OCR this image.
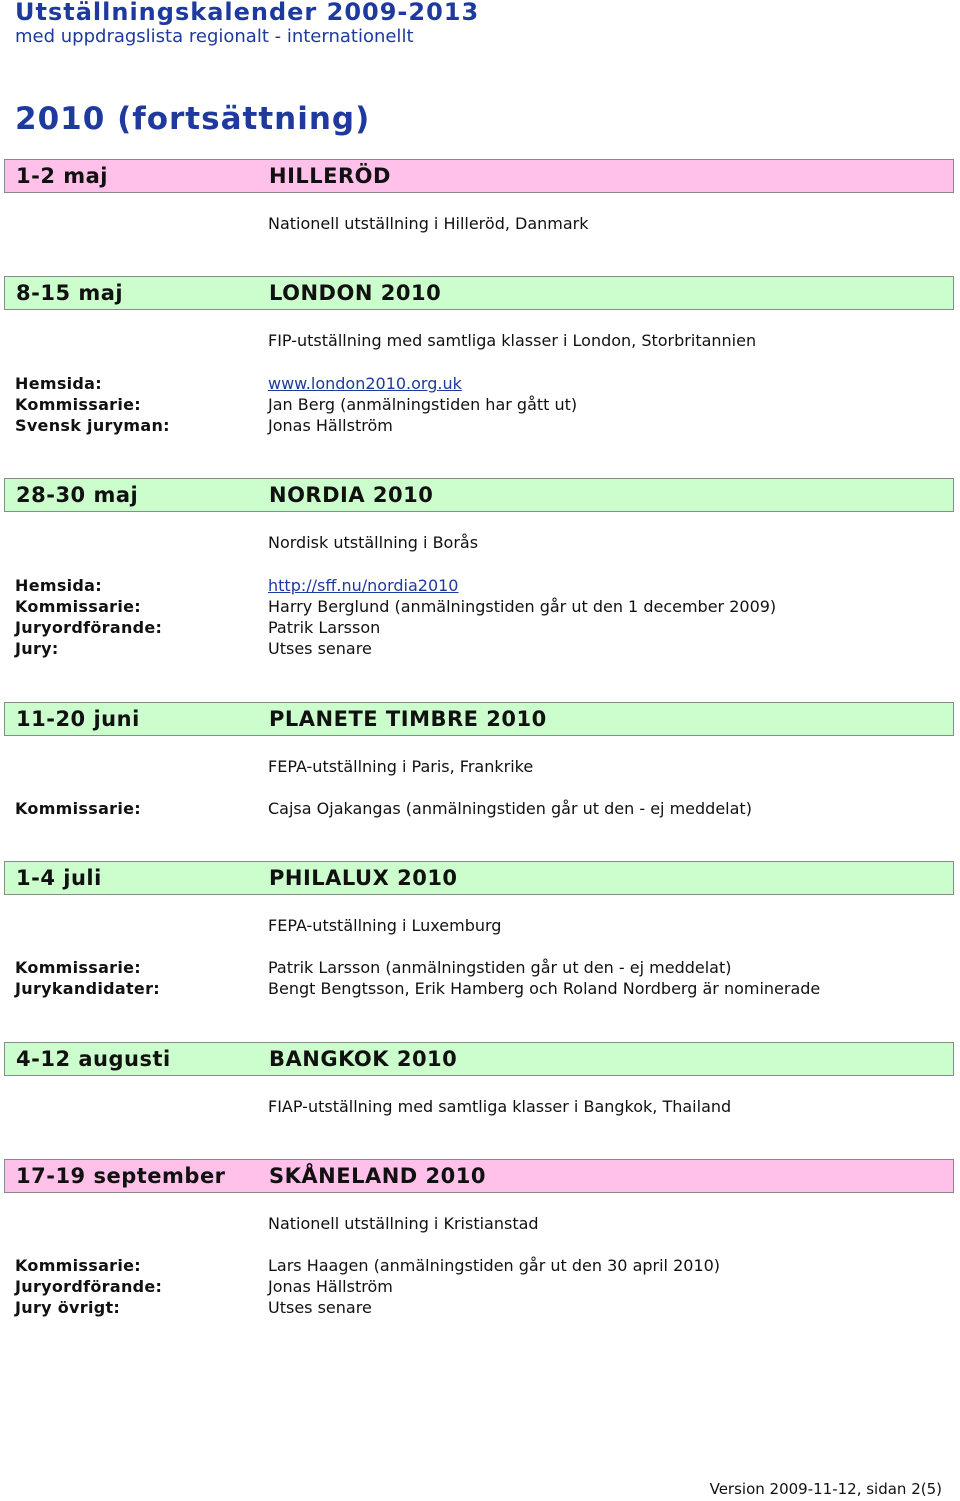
Utställningskalender 2009-2013
med uppdragslista regionalt - internationellt
2010 (fortsättning)
1-2 maj	HILLERÖD
Nationell utställning i Hilleröd, Danmark
8-15 maj	LONDON 2010
FIP-utställning med samtliga klasser i London, Storbritannien
Hemsida:	www.london2010.org.uk
Kommissarie:	Jan Berg (anmälningstiden har gått ut)
Svensk juryman:	Jonas Hällström
28-30 maj	NORDIA 2010
Nordisk utställning i Borås
Hemsida:	http://sff.nu/nordia2010
Kommissarie:	Harry Berglund (anmälningstiden går ut den 1 december 2009)
Juryordförande:	Patrik Larsson
Jury:	Utses senare
11-20 juni	PLANETE TIMBRE 2010
FEPA-utställning i Paris, Frankrike
Kommissarie:	Cajsa Ojakangas (anmälningstiden går ut den - ej meddelat)
1-4 juli	PHILALUX 2010
FEPA-utställning i Luxemburg
Kommissarie:	Patrik Larsson (anmälningstiden går ut den - ej meddelat)
Jurykandidater:	Bengt Bengtsson, Erik Hamberg och Roland Nordberg är nominerade
4-12 augusti	BANGKOK 2010
FIAP-utställning med samtliga klasser i Bangkok, Thailand
17-19 september SKÅNELAND 2010
Nationell utställning i Kristianstad
Kommissarie:	Lars Haagen (anmälningstiden går ut den 30 april 2010)
Juryordförande:	Jonas Hällström
Jury övrigt:	Utses senare
Version 2009-11-12, sidan 2(5)
